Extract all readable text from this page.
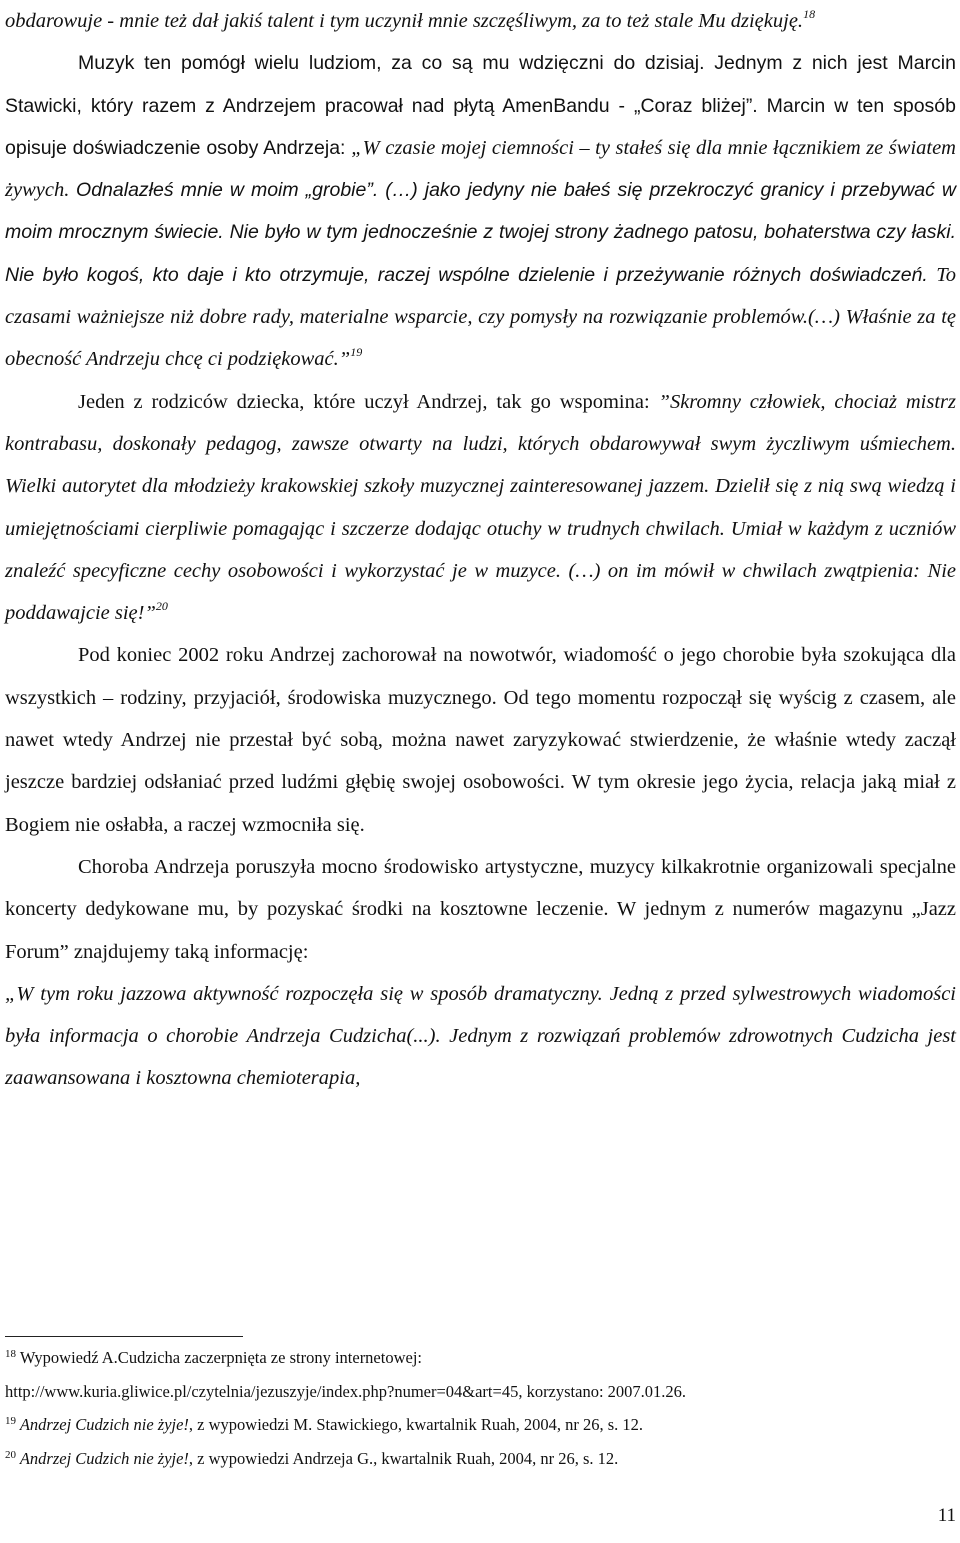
obdarowuje - mnie też dał jakiś talent i tym uczynił mnie szczęśliwym, za to też stale Mu dziękuję.$^{18}$

Muzyk ten pomógł wielu ludziom, za co są mu wdzięczni do dzisiaj. Jednym z nich jest Marcin Stawicki, który razem z Andrzejem pracował nad płytą AmenBandu - „Coraz bliżej”. Marcin w ten sposób opisuje doświadczenie osoby Andrzeja: „W czasie mojej ciemności – ty stałeś się dla mnie łącznikiem ze światem żywych. Odnalazłeś mnie w moim „grobie”. (…) jako jedyny nie bałeś się przekroczyć granicy i przebywać w moim mrocznym świecie. Nie było w tym jednocześnie z twojej strony żadnego patosu, bohaterstwa czy łaski. Nie było kogoś, kto daje i kto otrzymuje, raczej wspólne dzielenie i przeżywanie różnych doświadczeń. To czasami ważniejsze niż dobre rady, materialne wsparcie, czy pomysły na rozwiązanie problemów.(…) Właśnie za tę obecność Andrzeju chcę ci podziękować.”$^{19}$

Jeden z rodziców dziecka, które uczył Andrzej, tak go wspomina: ”Skromny człowiek, chociaż mistrz kontrabasu, doskonały pedagog, zawsze otwarty na ludzi, których obdarowywał swym życzliwym uśmiechem. Wielki autorytet dla młodzieży krakowskiej szkoły muzycznej zainteresowanej jazzem. Dzielił się z nią swą wiedzą i umiejętnościami cierpliwie pomagając i szczerze dodając otuchy w trudnych chwilach. Umiał w każdym z uczniów znaleźć specyficzne cechy osobowości i wykorzystać je w muzyce. (…) on im mówił w chwilach zwątpienia: Nie poddawajcie się!”$^{20}$

Pod koniec 2002 roku Andrzej zachorował na nowotwór, wiadomość o jego chorobie była szokująca dla wszystkich – rodziny, przyjaciół, środowiska muzycznego. Od tego momentu rozpoczął się wyścig z czasem, ale nawet wtedy Andrzej nie przestał być sobą, można nawet zaryzykować stwierdzenie, że właśnie wtedy zaczął jeszcze bardziej odsłaniać przed ludźmi głębię swojej osobowości. W tym okresie jego życia, relacja jaką miał z Bogiem nie osłabła, a raczej wzmocniła się.

Choroba Andrzeja poruszyła mocno środowisko artystyczne, muzycy kilkakrotnie organizowali specjalne koncerty dedykowane mu, by pozyskać środki na kosztowne leczenie. W jednym z numerów magazynu „Jazz Forum” znajdujemy taką informację:

„W tym roku jazzowa aktywność rozpoczęła się w sposób dramatyczny. Jedną z przed sylwestrowych wiadomości była informacja o chorobie Andrzeja Cudzicha(...). Jednym z rozwiązań problemów zdrowotnych Cudzicha jest zaawansowana i kosztowna chemioterapia,

$^{18}$ Wypowiedź A.Cudzicha zaczerpnięta ze strony internetowej:

http://www.kuria.gliwice.pl/czytelnia/jezuszyje/index.php?numer=04&art=45, korzystano: 2007.01.26.

$^{19}$ Andrzej Cudzich nie żyje!, z wypowiedzi M. Stawickiego, kwartalnik Ruah, 2004, nr 26, s. 12.

$^{20}$ Andrzej Cudzich nie żyje!, z wypowiedzi Andrzeja G., kwartalnik Ruah, 2004, nr 26, s. 12.

11
